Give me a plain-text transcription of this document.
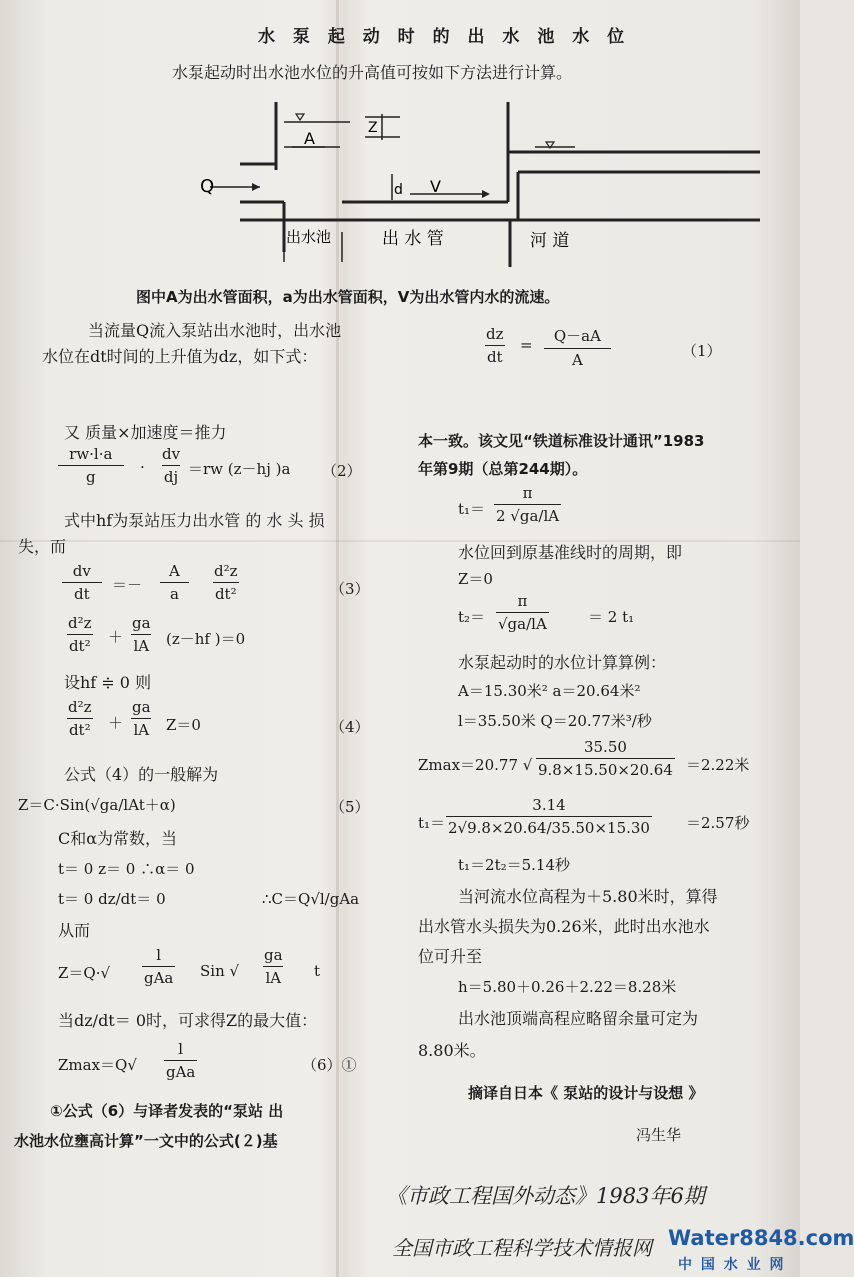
水 泵 起 动 时 的 出 水 池 水 位
水泵起动时出水池水位的升高值可按如下方法进行计算。
A
Z
Q	d V
出水池	出 水 管	河 道
图中A为出水管面积，a为出水管面积，V为出水管内水的流速。
当流量Q流入泵站出水池时，出水池
水位在dt时间的上升值为dz，如下式：	$\frac{dz}{dt} = \frac{Q-aA}{A}$	（1）
又 质量×加速度＝推力
$\frac{rw\cdot l\cdot a}{g} \cdot \frac{dv}{dj} =rw$ (z－hj )a （2）
式中hf为泵站压力出水管 的 水 头 损
失，而
$\frac{dv}{dt} =- \frac{A}{a} \frac{\text{d²z}}{\text{dt²}}$	（3）
$\frac{\text{d²z}}{\text{dt²}} + \frac{ga}{lA} (z-hf$ )＝0
设hf ≑ 0 则
$\frac{\text{d²z}}{\text{dt²}} + \frac{ga}{lA} Z=0$	（4）
公式（4）的一般解为
Z＝C·Sin(√ga/lAt＋α)	（5）
C和α为常数，当
t＝ 0 z＝ 0 ∴α＝ 0
t＝ 0 dz/dt＝ 0	∴C＝Q√l/gAa
从而
Z＝Q·√
l
gAa Sin √ $\frac{ga}{lA}$ t
当dz/dt＝ 0时，可求得Z的最大值：
Zmax＝Q√
l
gAa	（6）①
①公式（6）与译者发表的“泵站 出
水池水位壅高计算”一文中的公式(２)基
本一致。该文见“铁道标准设计通讯”1983
年第9期（总第244期）。
$t_1= \frac{\pi}{2 √ga/lA}$
水位回到原基准线时的周期，即
Z＝0
$t_2= \frac{\pi}{√ga/lA}$	＝ 2 t₁
水泵起动时的水位计算算例：
A＝15.30米² a＝20.64米²
l＝35.50米 Q＝20.77米³/秒
Zmax＝20.77 √ $\frac{35.50}{9.8\times 15.50\times 20.64} =2.22$米
$t_1= \frac{3.14}{2√9.8\times 20.64/35.50\times 15.30} =2.57$秒
t₁＝2t₂＝5.14秒
当河流水位高程为＋5.80米时，算得
出水管水头损失为0.26米，此时出水池水
位可升至
h＝5.80＋0.26＋2.22＝8.28米
出水池顶端高程应略留余量可定为
8.80米。
摘译自日本《 泵站的设计与设想 》
冯生华
《市政工程国外动态》1983年6期
全国市政工程科学技术情报网 Water8848.com
中 国 水 业 网
